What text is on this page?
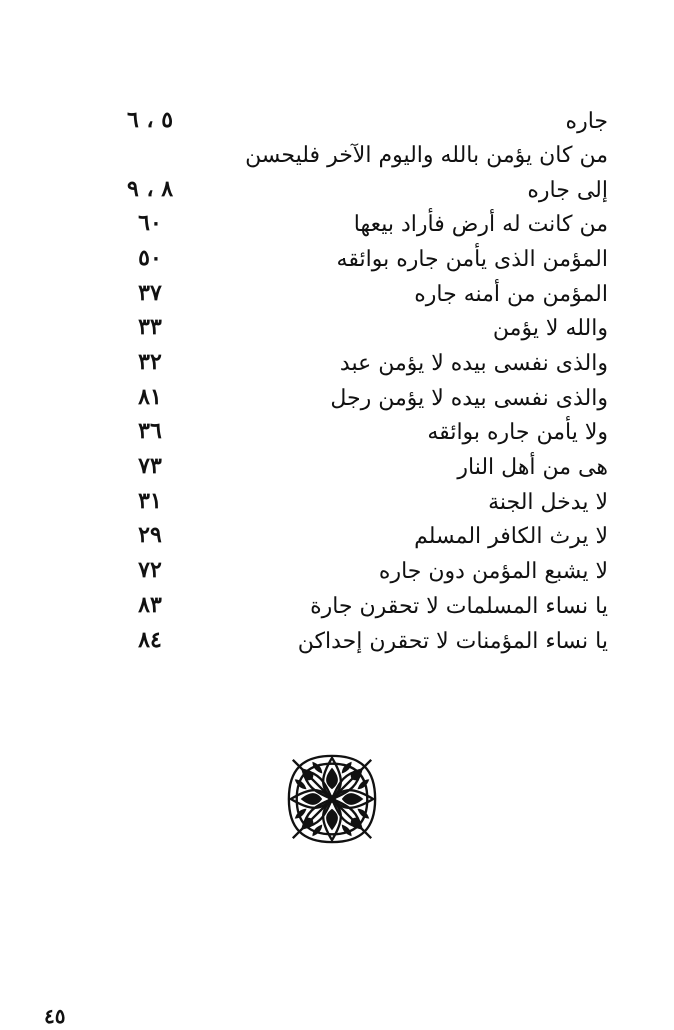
جاره
٥ ، ٦
من كان يؤمن بالله واليوم الآخر فليحسن
إلى جاره
٨ ، ٩
من كانت له أرض فأراد بيعها
٦٠
المؤمن الذى يأمن جاره بوائقه
٥٠
المؤمن من أمنه جاره
٣٧
والله لا يؤمن
٣٣
والذى نفسى بيده لا يؤمن عبد
٣٢
والذى نفسى بيده لا يؤمن رجل
٨١
ولا يأمن جاره بوائقه
٣٦
هى من أهل النار
٧٣
لا يدخل الجنة
٣١
لا يرث الكافر المسلم
٢٩
لا يشبع المؤمن دون جاره
٧٢
يا نساء المسلمات لا تحقرن جارة
٨٣
يا نساء المؤمنات لا تحقرن إحداكن
٨٤
٤٥
